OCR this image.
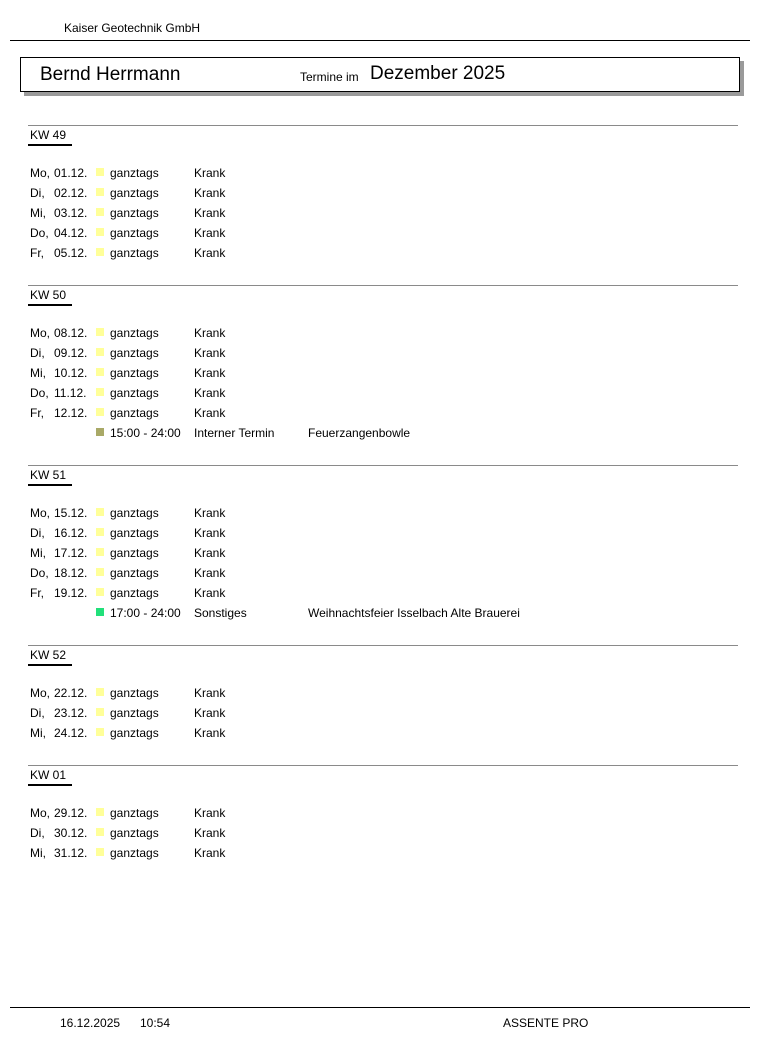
Kaiser Geotechnik GmbH
Bernd Herrmann	Termine im Dezember 2025
KW 49
Mo, 01.12. ganztags	Krank
Di, 02.12. ganztags	Krank
Mi, 03.12. ganztags	Krank
Do, 04.12. ganztags	Krank
Fr, 05.12. ganztags	Krank
KW 50
Mo, 08.12. ganztags	Krank
Di, 09.12. ganztags	Krank
Mi, 10.12. ganztags	Krank
Do, 11.12. ganztags	Krank
Fr, 12.12. ganztags	Krank
15:00 - 24:00 Interner Termin	Feuerzangenbowle
KW 51
Mo, 15.12. ganztags	Krank
Di, 16.12. ganztags	Krank
Mi, 17.12. ganztags	Krank
Do, 18.12. ganztags	Krank
Fr, 19.12. ganztags	Krank
17:00 - 24:00 Sonstiges	Weihnachtsfeier Isselbach Alte Brauerei
KW 52
Mo, 22.12. ganztags	Krank
Di, 23.12. ganztags	Krank
Mi, 24.12. ganztags	Krank
KW 01
Mo, 29.12. ganztags	Krank
Di, 30.12. ganztags	Krank
Mi, 31.12. ganztags	Krank
16.12.2025 10:54	ASSENTE PRO
